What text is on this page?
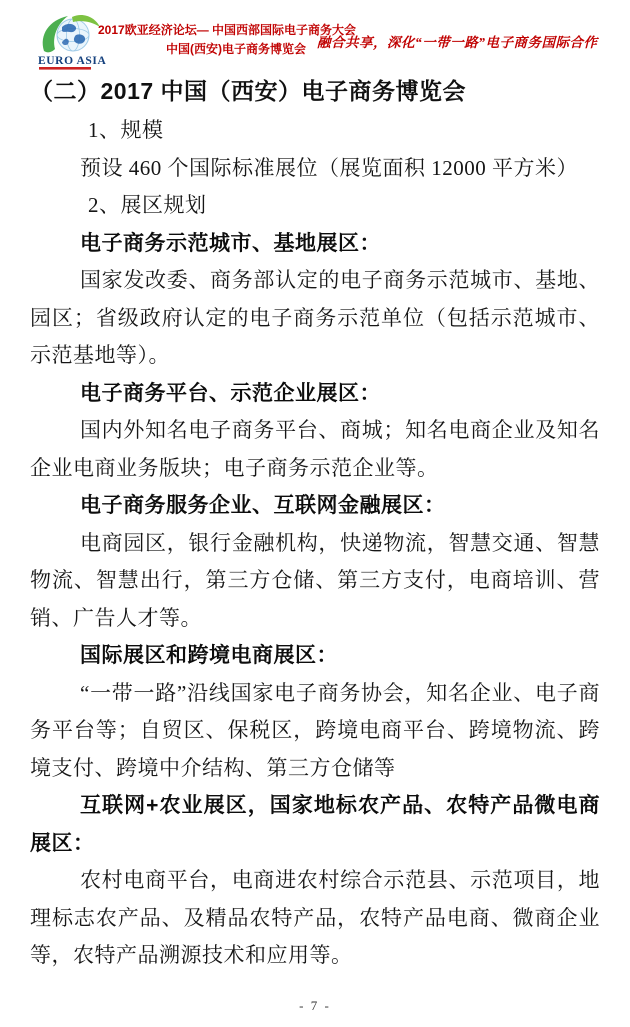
EURO ASIA
2017欧亚经济论坛— 中国西部国际电子商务大会
中国(西安)电子商务博览会 融合共享，深化“一带一路”电子商务国际合作
（二）2017 中国（西安）电子商务博览会

1、规模

预设 460 个国际标准展位（展览面积 12000 平方米）

2、展区规划

电子商务示范城市、基地展区：

国家发改委、商务部认定的电子商务示范城市、基地、园区；省级政府认定的电子商务示范单位（包括示范城市、示范基地等）。

电子商务平台、示范企业展区：

国内外知名电子商务平台、商城；知名电商企业及知名企业电商业务版块；电子商务示范企业等。

电子商务服务企业、互联网金融展区：

电商园区，银行金融机构，快递物流，智慧交通、智慧物流、智慧出行，第三方仓储、第三方支付，电商培训、营销、广告人才等。

国际展区和跨境电商展区：

“一带一路”沿线国家电子商务协会，知名企业、电子商务平台等；自贸区、保税区，跨境电商平台、跨境物流、跨境支付、跨境中介结构、第三方仓储等

互联网+农业展区，国家地标农产品、农特产品微电商展区：

农村电商平台，电商进农村综合示范县、示范项目，地理标志农产品、及精品农特产品，农特产品电商、微商企业等，农特产品溯源技术和应用等。

- 7 -
